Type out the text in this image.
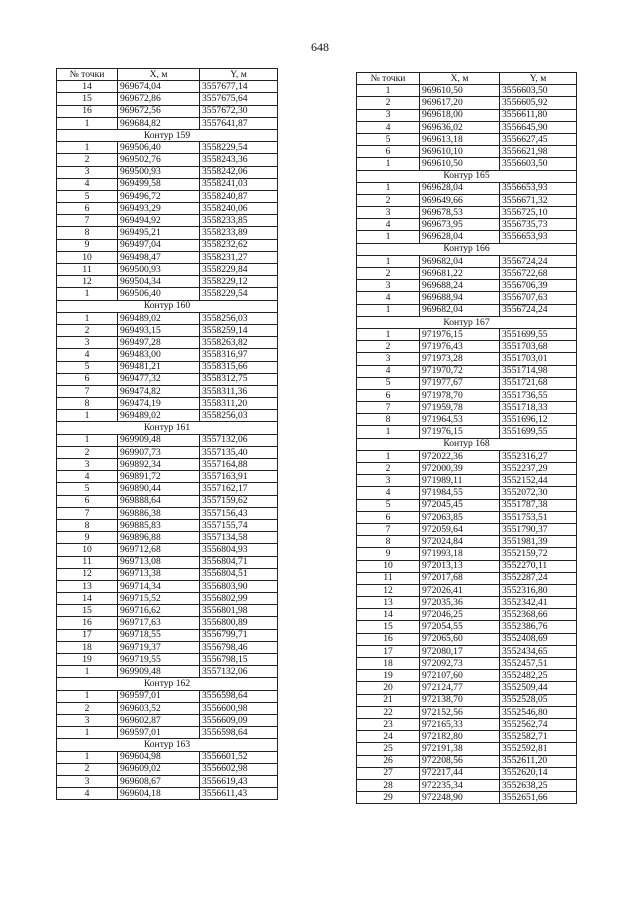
648
№ точки	X, м	Y, м
14	969674,04	3557677,14
15	969672,86	3557675,64
16	969672,56	3557672,30
1	969684,82	3557641,87
Контур 159		
1	969506,40	3558229,54
2	969502,76	3558243,36
3	969500,93	3558242,06
4	969499,58	3558241,03
5	969496,72	3558240,87
6	969493,29	3558240,06
7	969494,92	3558233,85
8	969495,21	3558233,89
9	969497,04	3558232,62
10	969498,47	3558231,27
11	969500,93	3558229,84
12	969504,34	3558229,12
1	969506,40	3558229,54
Контур 160		
1	969489,02	3558256,03
2	969493,15	3558259,14
3	969497,28	3558263,82
4	969483,00	3558316,97
5	969481,21	3558315,66
6	969477,32	3558312,75
7	969474,82	3558311,36
8	969474,19	3558311,20
1	969489,02	3558256,03
Контур 161		
1	969909,48	3557132,06
2	969907,73	3557135,40
3	969892,34	3557164,88
4	969891,72	3557163,91
5	969890,44	3557162,17
6	969888,64	3557159,62
7	969886,38	3557156,43
8	969885,83	3557155,74
9	969896,88	3557134,58
10	969712,68	3556804,93
11	969713,08	3556804,71
12	969713,38	3556804,51
13	969714,34	3556803,90
14	969715,52	3556802,99
15	969716,62	3556801,98
16	969717,63	3556800,89
17	969718,55	3556799,71
18	969719,37	3556798,46
19	969719,55	3556798,15
1	969909,48	3557132,06
Контур 162		
1	969597,01	3556598,64
2	969603,52	3556600,98
3	969602,87	3556609,09
1	969597,01	3556598,64
Контур 163		
1	969604,98	3556601,52
2	969609,02	3556602,98
3	969608,67	3556619,43
4	969604,18	3556611,43
№ точки	X, м	Y, м
1	969610,50	3556603,50
2	969617,20	3556605,92
3	969618,00	3556611,80
4	969636,02	3556645,90
5	969613,18	3556627,45
6	969610,10	3556621,98
1	969610,50	3556603,50
Контур 165		
1	969628,04	3556653,93
2	969649,66	3556671,32
3	969678,53	3556725,10
4	969673,95	3556735,73
1	969628,04	3556653,93
Контур 166		
1	969682,04	3556724,24
2	969681,22	3556722,68
3	969688,24	3556706,39
4	969688,94	3556707,63
1	969682,04	3556724,24
Контур 167		
1	971976,15	3551699,55
2	971976,43	3551703,68
3	971973,28	3551703,01
4	971970,72	3551714,98
5	971977,67	3551721,68
6	971978,70	3551736,55
7	971959,78	3551718,33
8	971964,53	3551696,12
1	971976,15	3551699,55
Контур 168		
1	972022,36	3552316,27
2	972000,39	3552237,29
3	971989,11	3552152,44
4	971984,55	3552072,30
5	972045,45	3551787,38
6	972063,85	3551753,51
7	972059,64	3551790,37
8	972024,84	3551981,39
9	971993,18	3552159,72
10	972013,13	3552270,11
11	972017,68	3552287,24
12	972026,41	3552316,80
13	972035,36	3552342,41
14	972046,25	3552368,66
15	972054,55	3552386,76
16	972065,60	3552408,69
17	972080,17	3552434,65
18	972092,73	3552457,51
19	972107,60	3552482,25
20	972124,77	3552509,44
21	972138,70	3552528,05
22	972152,56	3552546,80
23	972165,33	3552562,74
24	972182,80	3552582,71
25	972191,38	3552592,81
26	972208,56	3552611,20
27	972217,44	3552620,14
28	972235,34	3552638,25
29	972248,90	3552651,66
